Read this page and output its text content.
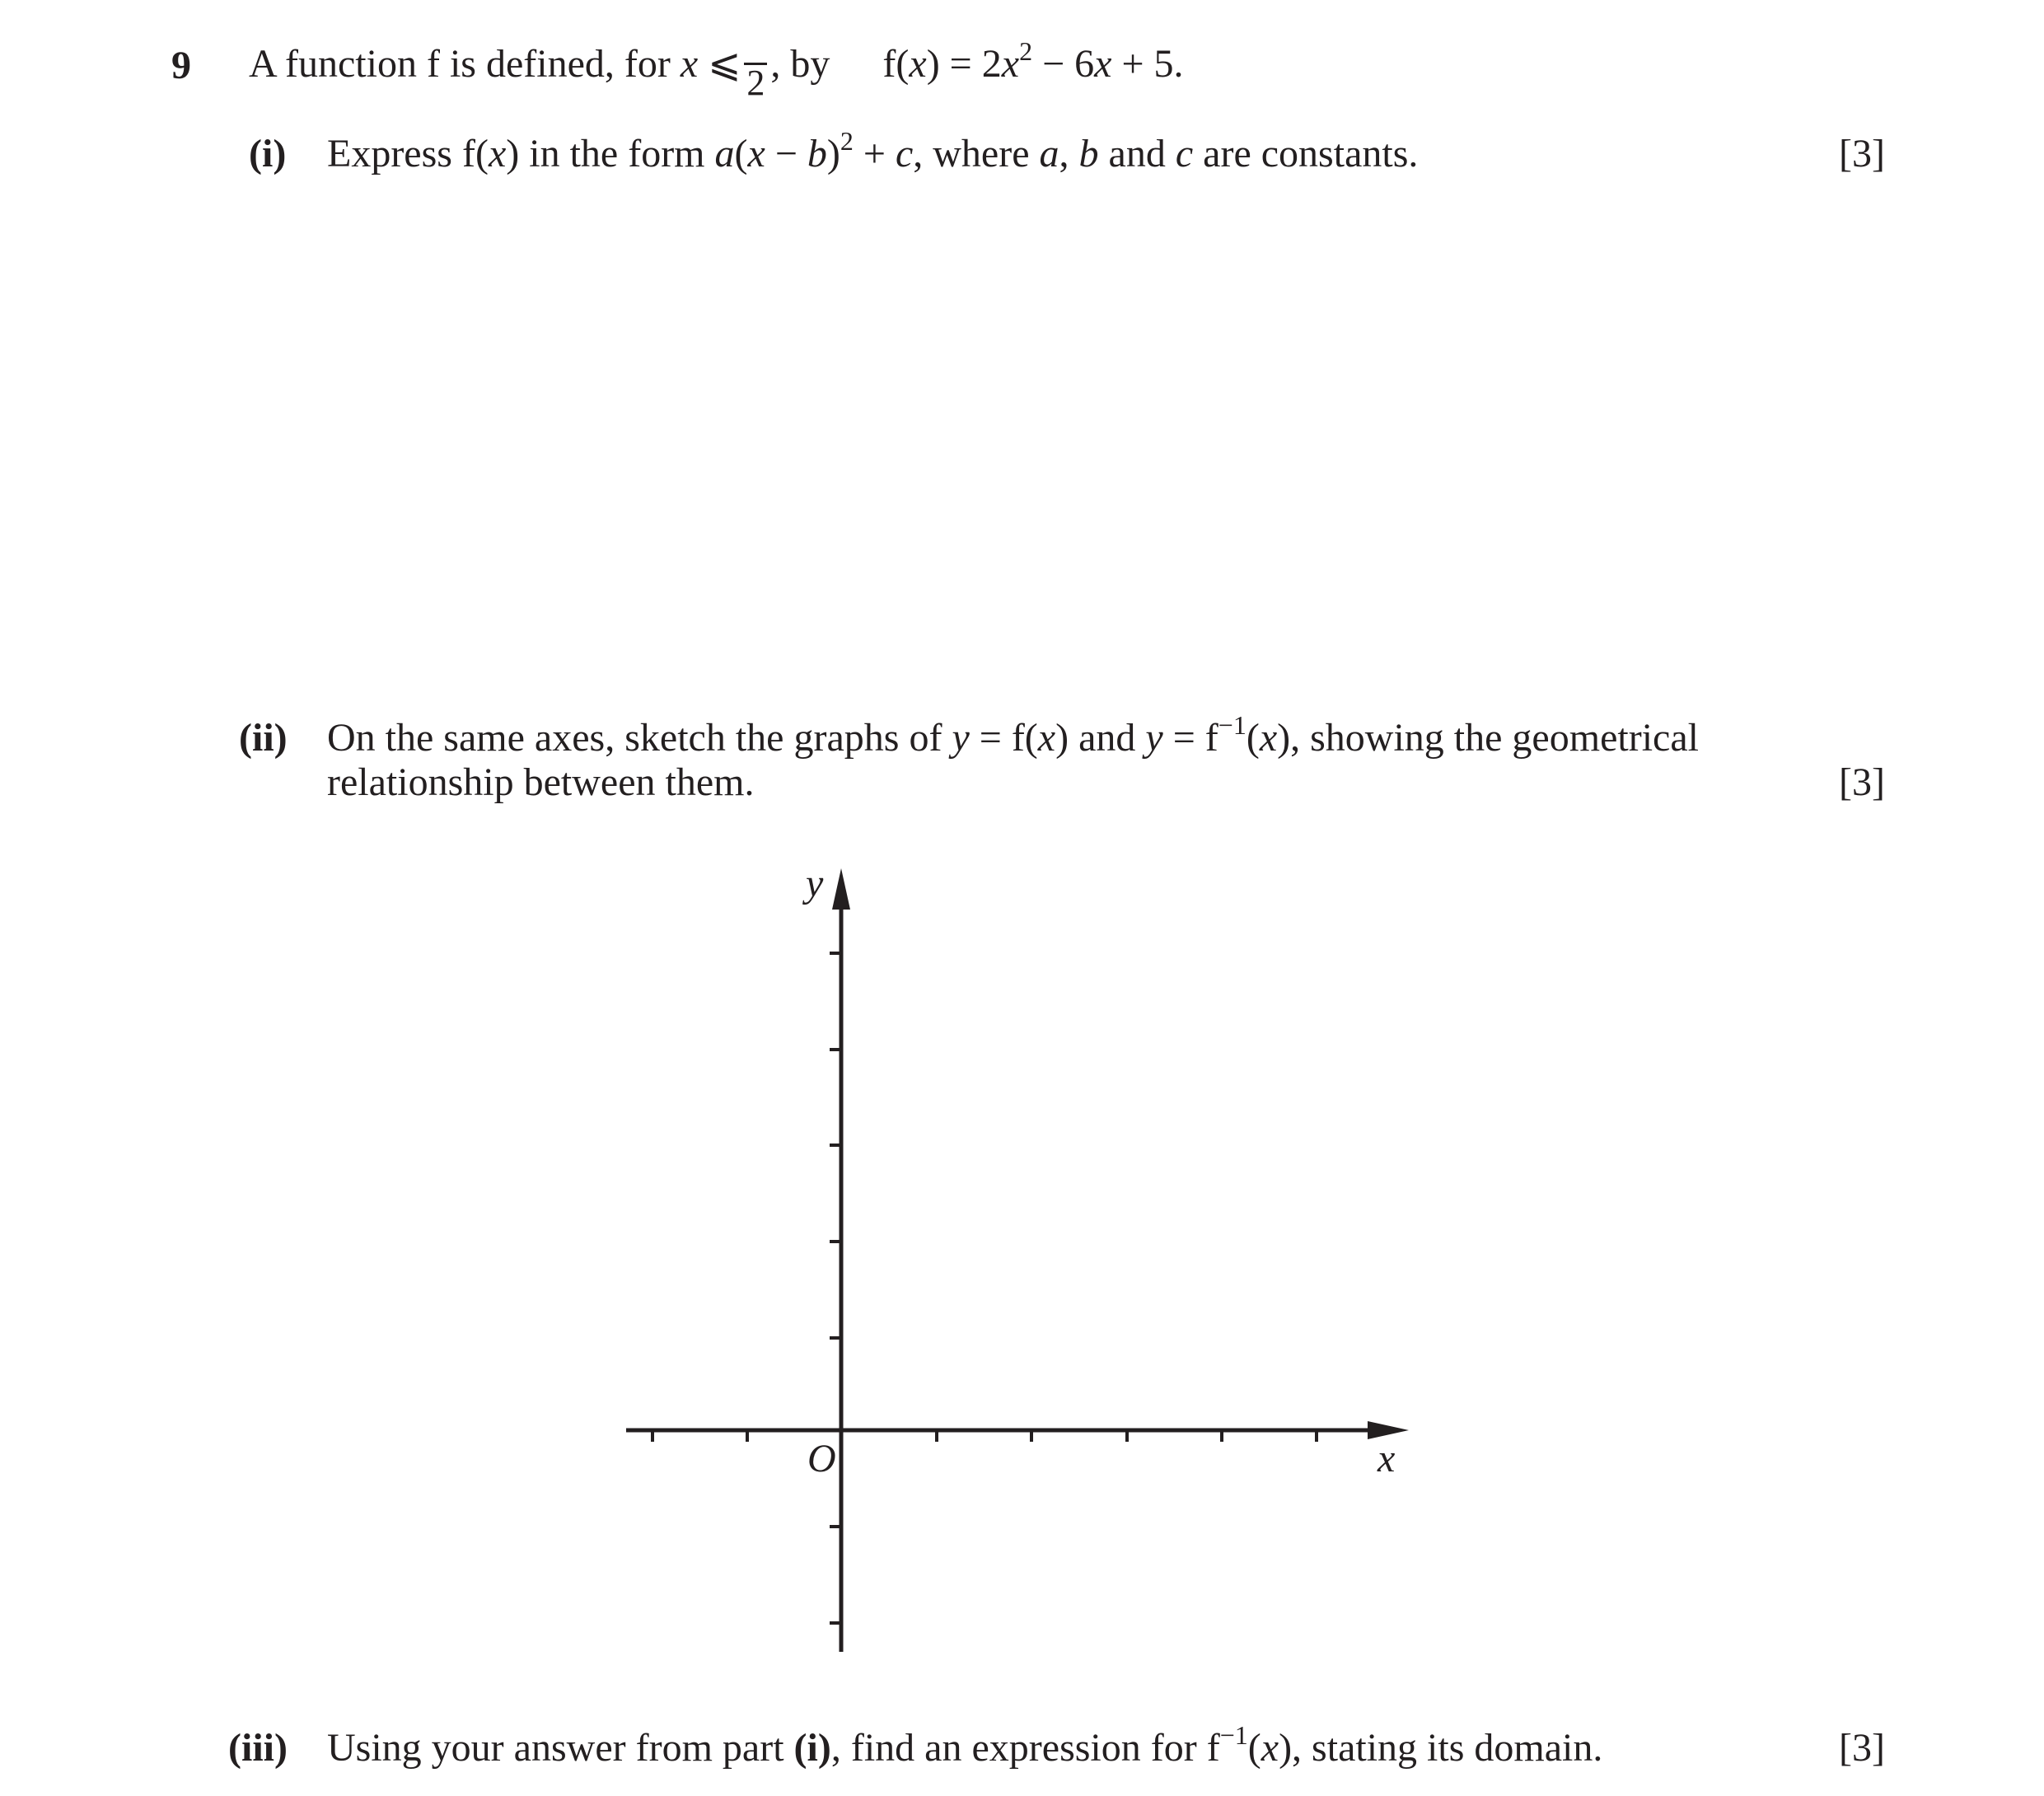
9 A function f is defined, for x ⩽ 2 , by $f(x) = 2x^2 - 6x + 5$.
(i) Express f(x) in the form $a(x - b)^2 + c$, where a, b and c are constants.	[3]
(ii) On the same axes, sketch the graphs of y = f(x) and $y = f^{-1}(x)$, showing the geometrical
relationship between them.	[3]
y
x
O
(iii) Using your answer from part (i), find an expression for $f^{-1}(x)$, stating its domain.	[3]
